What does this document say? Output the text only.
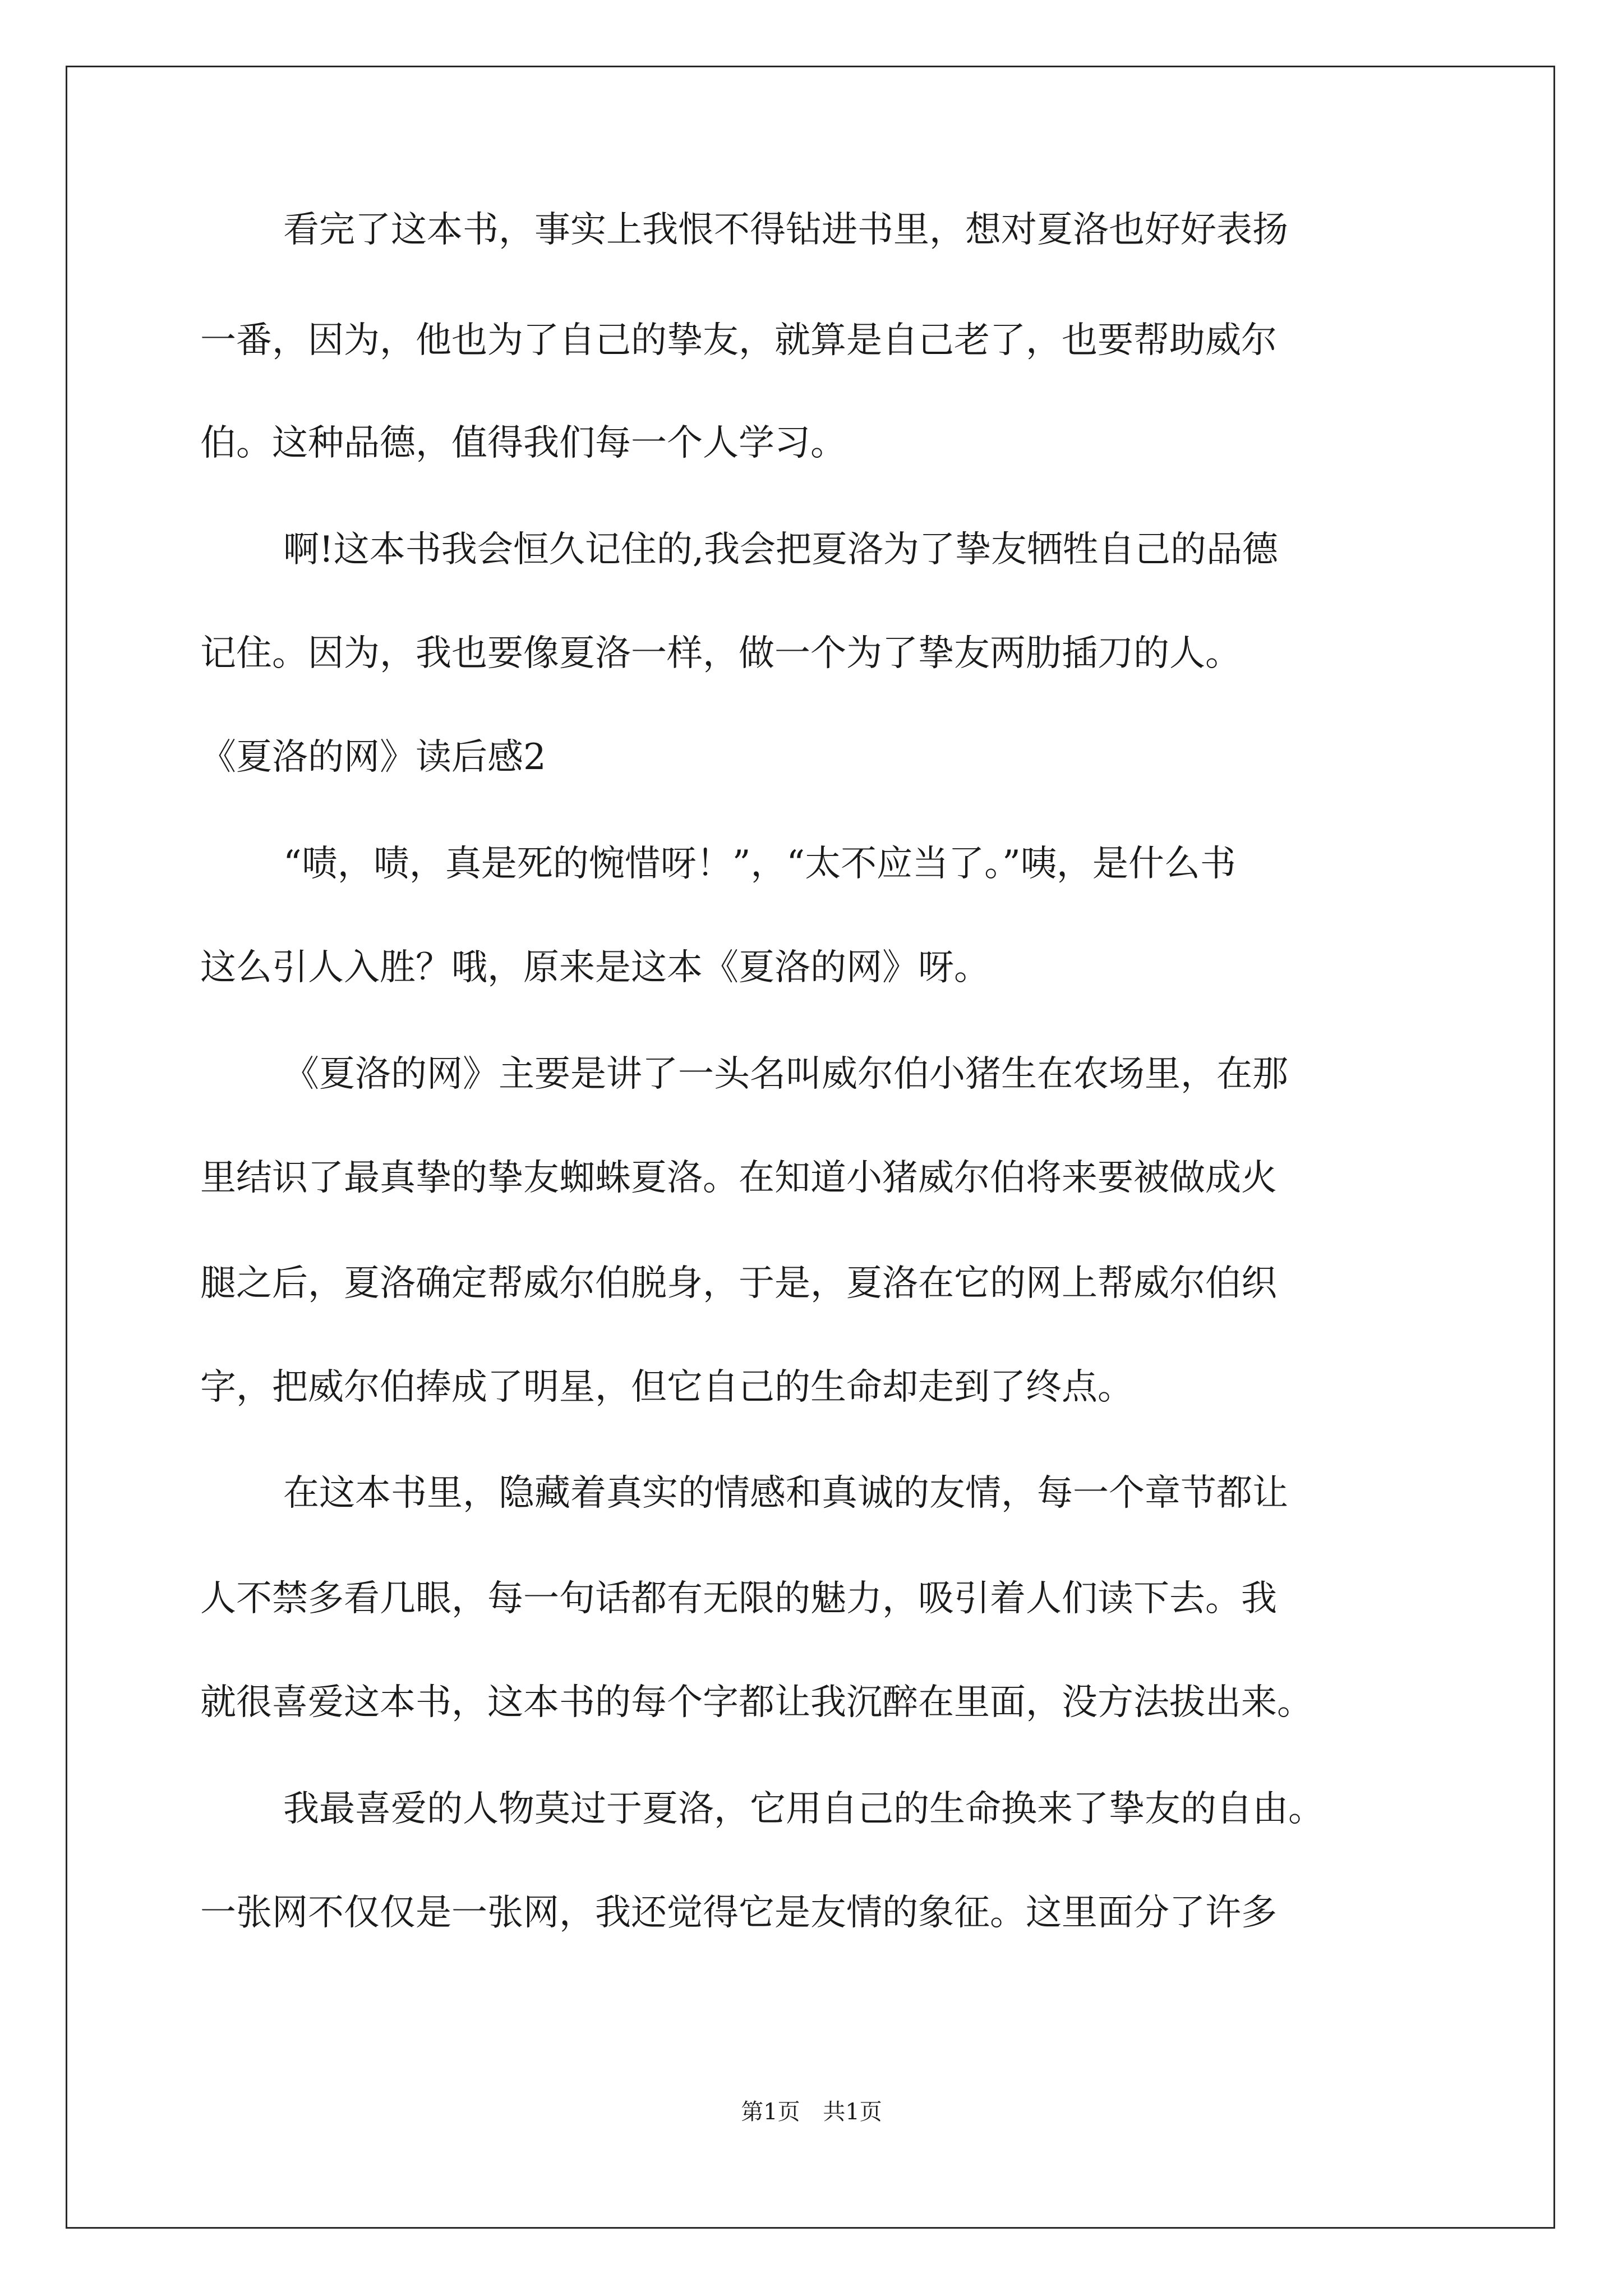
看完了这本书，事实上我恨不得钻进书里，想对夏洛也好好表扬
一番，因为，他也为了自己的挚友，就算是自己老了，也要帮助威尔
伯。这种品德，值得我们每一个人学习。
啊!这本书我会恒久记住的,我会把夏洛为了挚友牺牲自己的品德
记住。因为，我也要像夏洛一样，做一个为了挚友两肋插刀的人。
《夏洛的网》读后感2
“啧，啧，真是死的惋惜呀！”，“太不应当了。”咦，是什么书
这么引人入胜？哦，原来是这本《夏洛的网》呀。
《夏洛的网》主要是讲了一头名叫威尔伯小猪生在农场里，在那
里结识了最真挚的挚友蜘蛛夏洛。在知道小猪威尔伯将来要被做成火
腿之后，夏洛确定帮威尔伯脱身，于是，夏洛在它的网上帮威尔伯织
字，把威尔伯捧成了明星，但它自己的生命却走到了终点。
在这本书里，隐藏着真实的情感和真诚的友情，每一个章节都让
人不禁多看几眼，每一句话都有无限的魅力，吸引着人们读下去。我
就很喜爱这本书，这本书的每个字都让我沉醉在里面，没方法拔出来。
我最喜爱的人物莫过于夏洛，它用自己的生命换来了挚友的自由。
一张网不仅仅是一张网，我还觉得它是友情的象征。这里面分了许多
第1页 共1页
